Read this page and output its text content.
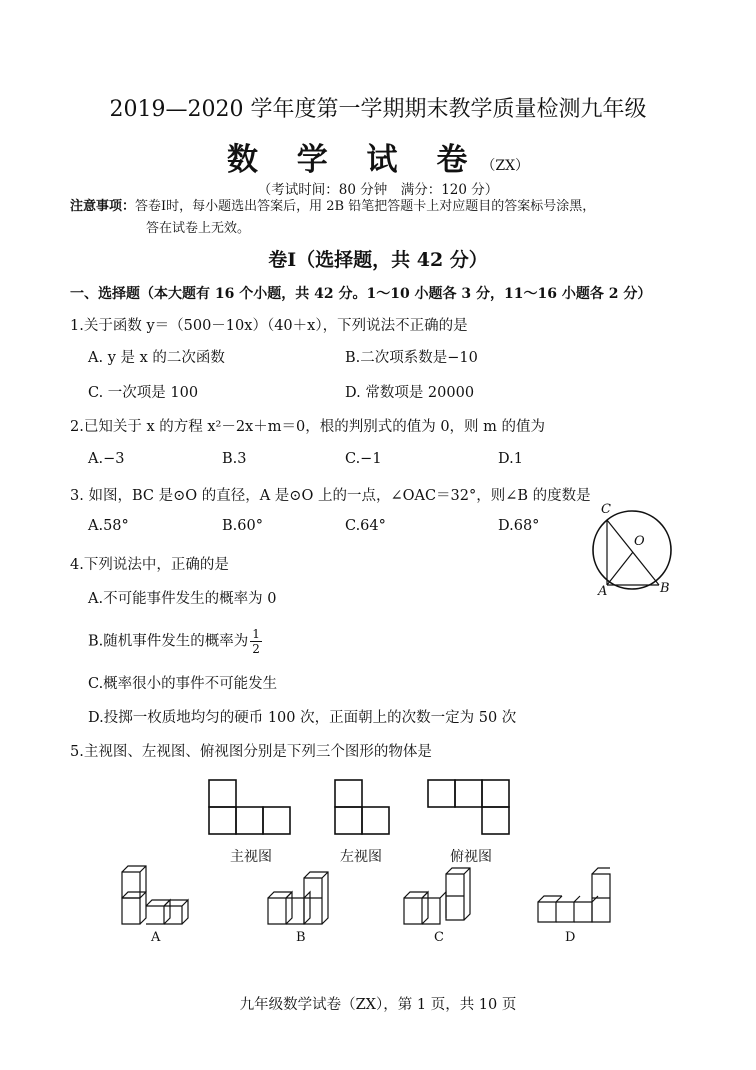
2019—2020 学年度第一学期期末教学质量检测九年级
数 学 试 卷（ZX）
（考试时间：80 分钟　满分：120 分）
注意事项：答卷Ⅰ时，每小题选出答案后，用 2B 铅笔把答题卡上对应题目的答案标号涂黑，
答在试卷上无效。
卷Ⅰ（选择题，共 42 分）
一、选择题（本大题有 16 个小题，共 42 分。1～10 小题各 3 分，11～16 小题各 2 分）
1.关于函数 y＝（500－10x）（40＋x），下列说法不正确的是
A. y 是 x 的二次函数	B.二次项系数是−10
C. 一次项是 100	D. 常数项是 20000
2.已知关于 x 的方程 x²－2x＋m＝0，根的判别式的值为 0，则 m 的值为
A.−3	B.3	C.−1	D.1
3. 如图，BC 是⊙O 的直径，A 是⊙O 上的一点，∠OAC＝32°，则∠B 的度数是
A.58°	B.60°	C.64°	D.68°
C
O
A	B
4.下列说法中，正确的是
A.不可能事件发生的概率为 0
B.随机事件发生的概率为 $\frac{1}{2}$
C.概率很小的事件不可能发生
D.投掷一枚质地均匀的硬币 100 次，正面朝上的次数一定为 50 次
5.主视图、左视图、俯视图分别是下列三个图形的物体是
主视图	左视图	俯视图
A	B	C	D
九年级数学试卷（ZX），第 1 页，共 10 页
